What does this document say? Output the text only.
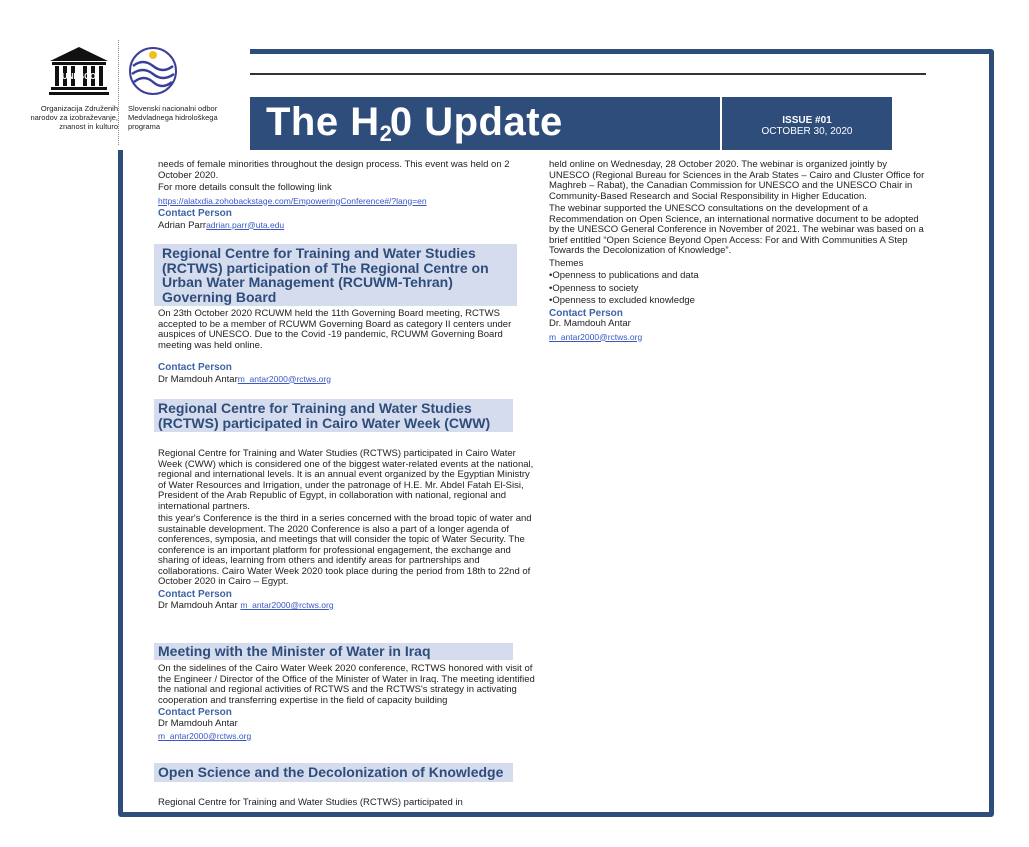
UNESCO
Organizacija Združenih narodov za izobraževanje, znanost in kulturo
Slovenski nacionalni odbor Medvladnega hidrološkega programa	The H20 Update	ISSUE #01
OCTOBER 30, 2020

needs of female minorities throughout the design process. This event was held on 2 October 2020.

For more details consult the following link

https://alatxdia.zohobackstage.com/EmpoweringConference#/?lang=en

Contact Person

Adrian Parradrian.parr@uta.edu

Regional Centre for Training and Water Studies (RCTWS) participation of The Regional Centre on Urban Water Management (RCUWM-Tehran) Governing Board

On 23th October 2020 RCUWM held the 11th Governing Board meeting, RCTWS accepted to be a member of RCUWM Governing Board as category II centers under auspices of UNESCO. Due to the Covid -19 pandemic, RCUWM Governing Board meeting was held online.

Contact Person

Dr Mamdouh Antarm_antar2000@rctws.org

Regional Centre for Training and Water Studies (RCTWS) participated in Cairo Water Week (CWW)

Regional Centre for Training and Water Studies (RCTWS) participated in Cairo Water Week (CWW) which is considered one of the biggest water-related events at the national, regional and international levels. It is an annual event organized by the Egyptian Ministry of Water Resources and Irrigation, under the patronage of H.E. Mr. Abdel Fatah El-Sisi, President of the Arab Republic of Egypt, in collaboration with national, regional and international partners.

this year's Conference is the third in a series concerned with the broad topic of water and sustainable development. The 2020 Conference is also a part of a longer agenda of conferences, symposia, and meetings that will consider the topic of Water Security. The conference is an important platform for professional engagement, the exchange and sharing of ideas, learning from others and identify areas for partnerships and collaborations. Cairo Water Week 2020 took place during the period from 18th to 22nd of October 2020 in Cairo – Egypt.

Contact Person

Dr Mamdouh Antar m_antar2000@rctws.org

Meeting with the Minister of Water in Iraq

On the sidelines of the Cairo Water Week 2020 conference, RCTWS honored with visit of the Engineer / Director of the Office of the Minister of Water in Iraq. The meeting identified the national and regional activities of RCTWS and the RCTWS's strategy in activating cooperation and transferring expertise in the field of capacity building

Contact Person

Dr Mamdouh Antar

m_antar2000@rctws.org

Open Science and the Decolonization of Knowledge

Regional Centre for Training and Water Studies (RCTWS) participated in

held online on Wednesday, 28 October 2020. The webinar is organized jointly by UNESCO (Regional Bureau for Sciences in the Arab States – Cairo and Cluster Office for Maghreb – Rabat), the Canadian Commission for UNESCO and the UNESCO Chair in Community-Based Research and Social Responsibility in Higher Education.

The webinar supported the UNESCO consultations on the development of a Recommendation on Open Science, an international normative document to be adopted by the UNESCO General Conference in November of 2021. The webinar was based on a brief entitled “Open Science Beyond Open Access: For and With Communities A Step Towards the Decolonization of Knowledge”.

Themes

•Openness to publications and data

•Openness to society

•Openness to excluded knowledge

Contact Person

Dr. Mamdouh Antar

m_antar2000@rctws.org
